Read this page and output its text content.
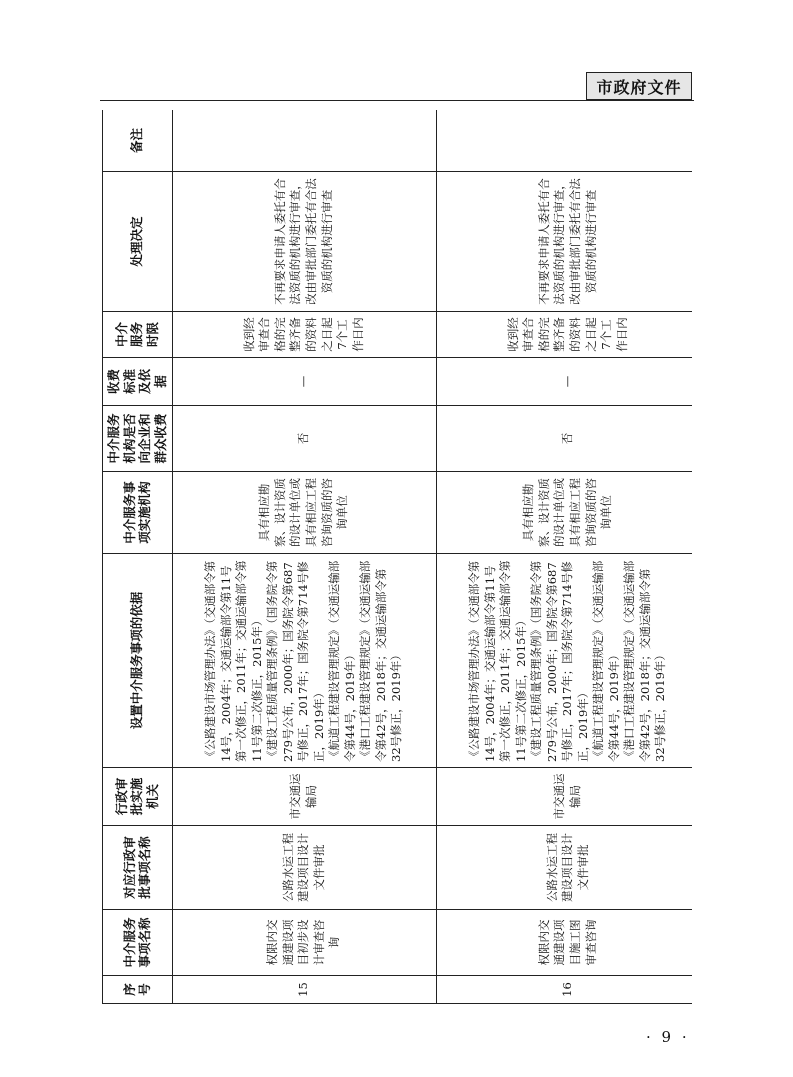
市政府文件
序号	中介服务事项名称	对应行政审批事项名称	行政审批实施机关	设置中介服务事项的依据	中介服务事项实施机构	中介服务机构是否向企业和群众收费	收费标准及依据	中介服务时限	处理决定	备注
15	权限内交通建设项目初步设计审查咨询	公路水运工程建设项目设计文件审批	市交通运输局	《公路建设市场管理办法》（交通部令第14号，2004年；交通运输部令第11号第一次修正，2011年；交通运输部令第11号第二次修正，2015年） 《建设工程质量管理条例》（国务院令第279号公布，2000年；国务院令第687号修正，2017年；国务院令第714号修正，2019年） 《航道工程建设管理规定》（交通运输部令第44号，2019年） 《港口工程建设管理规定》（交通运输部令第42号，2018年；交通运输部令第32号修正，2019年）	具有相应勘察、设计资质的设计单位或具有相应工程咨询资质的咨询单位	否	—	收到经审查合格的完整齐备的资料之日起7个工作日内	不再要求申请人委托有合法资质的机构进行审查，改由审批部门委托有合法资质的机构进行审查	
16	权限内交通建设项目施工图审查咨询	公路水运工程建设项目设计文件审批	市交通运输局	《公路建设市场管理办法》（交通部令第14号，2004年；交通运输部令第11号第一次修正，2011年；交通运输部令第11号第二次修正，2015年） 《建设工程质量管理条例》（国务院令第279号公布，2000年；国务院令第687号修正，2017年；国务院令第714号修正，2019年） 《航道工程建设管理规定》（交通运输部令第44号，2019年） 《港口工程建设管理规定》（交通运输部令第42号，2018年；交通运输部令第32号修正，2019年）	具有相应勘察、设计资质的设计单位或具有相应工程咨询资质的咨询单位	否	—	收到经审查合格的完整齐备的资料之日起7个工作日内	不再要求申请人委托有合法资质的机构进行审查，改由审批部门委托有合法资质的机构进行审查	
· 9 ·
